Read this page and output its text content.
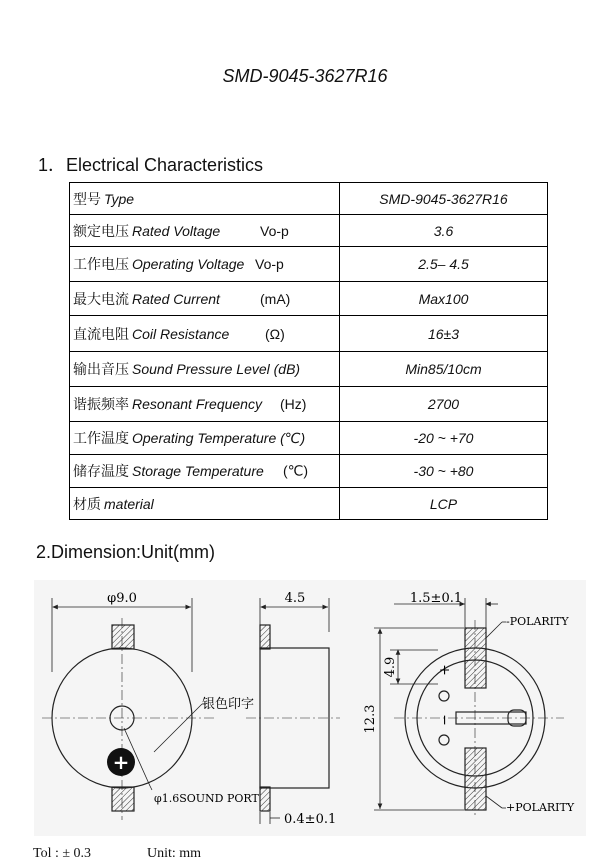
SMD-9045-3627R16
1．Electrical Characteristics
型号 Type	SMD-9045-3627R16
额定电压 Rated Voltage Vo-p	3.6
工作电压 Operating Voltage Vo-p	2.5– 4.5
最大电流 Rated Current (mA)	Max100
直流电阻 Coil Resistance (Ω)	16±3
输出音压 Sound Pressure Level (dB)	Min85/10cm
谐振频率 Resonant Frequency (Hz)	2700
工作温度 Operating Temperature (℃)	-20 ~ +70
储存温度 Storage Temperature (℃)	-30 ~ +80
材质 material	LCP
2.Dimension:Unit(mm)
+
φ9.0
银色印字
φ1.6SOUND PORT
4.5
0.4±0.1
1.5±0.1
4.9
12.3	−
+
-POLARITY
+POLARITY
Tol : ± 0.3	Unit: mm
